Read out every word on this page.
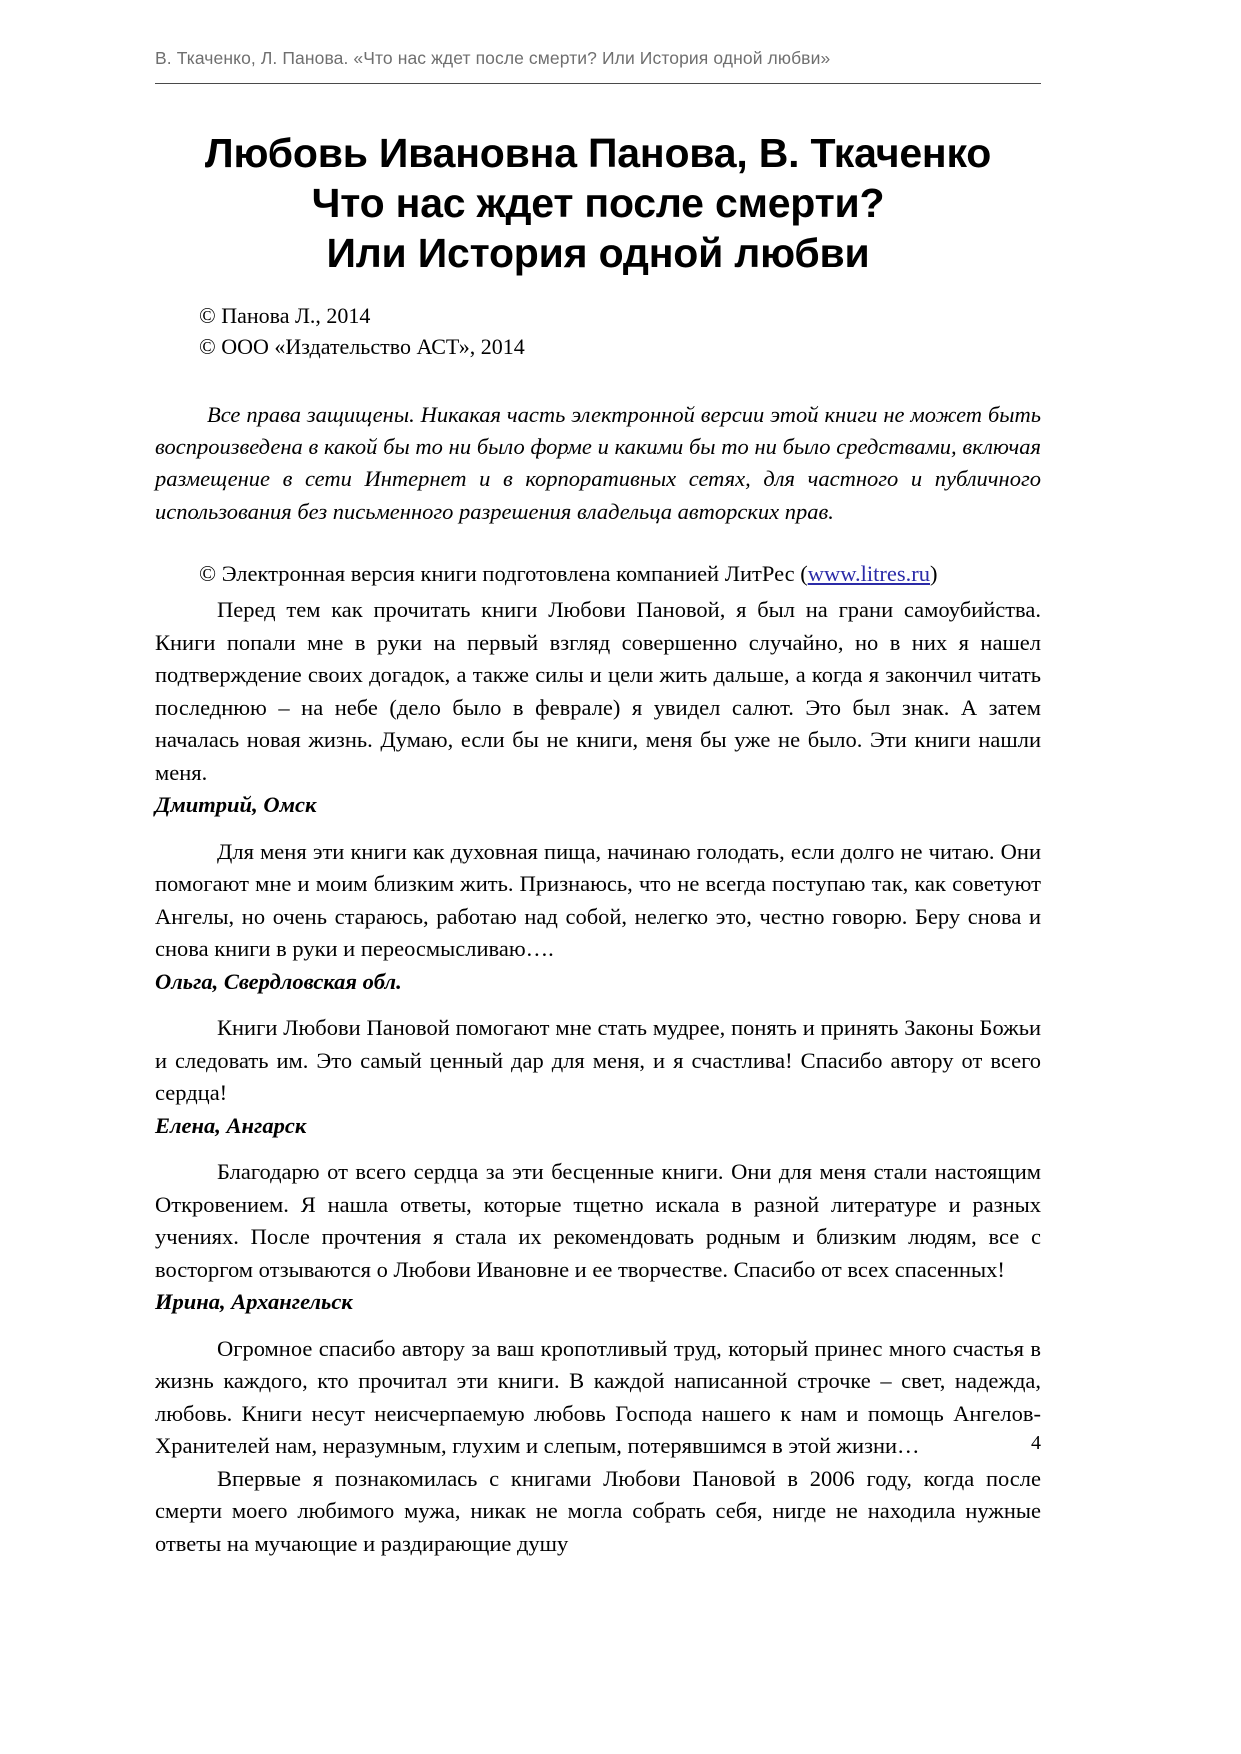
В. Ткаченко, Л. Панова. «Что нас ждет после смерти? Или История одной любви»
Любовь Ивановна Панова, В. Ткаченко
Что нас ждет после смерти?
Или История одной любви
© Панова Л., 2014
© ООО «Издательство АСТ», 2014
Все права защищены. Никакая часть электронной версии этой книги не может быть воспроизведена в какой бы то ни было форме и какими бы то ни было средствами, включая размещение в сети Интернет и в корпоративных сетях, для частного и публичного использования без письменного разрешения владельца авторских прав.
© Электронная версия книги подготовлена компанией ЛитРес (www.litres.ru)

Перед тем как прочитать книги Любови Пановой, я был на грани самоубийства. Книги попали мне в руки на первый взгляд совершенно случайно, но в них я нашел подтверждение своих догадок, а также силы и цели жить дальше, а когда я закончил читать последнюю – на небе (дело было в феврале) я увидел салют. Это был знак. А затем началась новая жизнь. Думаю, если бы не книги, меня бы уже не было. Эти книги нашли меня.

Дмитрий, Омск

Для меня эти книги как духовная пища, начинаю голодать, если долго не читаю. Они помогают мне и моим близким жить. Признаюсь, что не всегда поступаю так, как советуют Ангелы, но очень стараюсь, работаю над собой, нелегко это, честно говорю. Беру снова и снова книги в руки и переосмысливаю….

Ольга, Свердловская обл.

Книги Любови Пановой помогают мне стать мудрее, понять и принять Законы Божьи и следовать им. Это самый ценный дар для меня, и я счастлива! Спасибо автору от всего сердца!

Елена, Ангарск

Благодарю от всего сердца за эти бесценные книги. Они для меня стали настоящим Откровением. Я нашла ответы, которые тщетно искала в разной литературе и разных учениях. После прочтения я стала их рекомендовать родным и близким людям, все с восторгом отзываются о Любови Ивановне и ее творчестве. Спасибо от всех спасенных!

Ирина, Архангельск

Огромное спасибо автору за ваш кропотливый труд, который принес много счастья в жизнь каждого, кто прочитал эти книги. В каждой написанной строчке – свет, надежда, любовь. Книги несут неисчерпаемую любовь Господа нашего к нам и помощь Ангелов-Хранителей нам, неразумным, глухим и слепым, потерявшимся в этой жизни…

Впервые я познакомилась с книгами Любови Пановой в 2006 году, когда после смерти моего любимого мужа, никак не могла собрать себя, нигде не находила нужные ответы на мучающие и раздирающие душу

4
